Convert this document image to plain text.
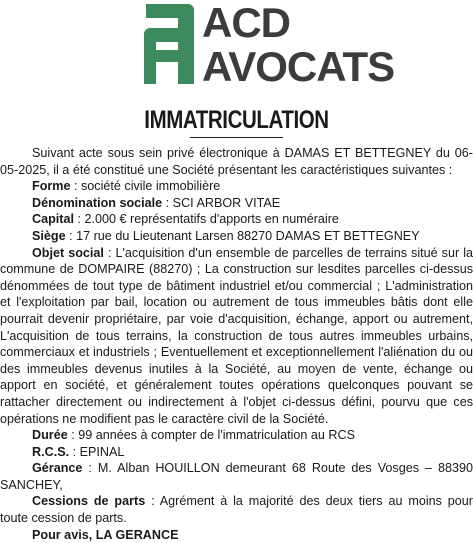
ACD
AVOCATS
IMMATRICULATION

Suivant acte sous sein privé électronique à DAMAS ET BETTEGNEY du 06-05-2025, il a été constitué une Société présentant les caractéristiques suivantes :

Forme : société civile immobilière

Dénomination sociale : SCI ARBOR VITAE

Capital : 2.000 € représentatifs d'apports en numéraire

Siège : 17 rue du Lieutenant Larsen 88270 DAMAS ET BETTEGNEY

Objet social : L'acquisition d'un ensemble de parcelles de terrains situé sur la commune de DOMPAIRE (88270) ; La construction sur lesdites parcelles ci-dessus dénommées de tout type de bâtiment industriel et/ou commercial ; L'administration et l'exploitation par bail, location ou autrement de tous immeubles bâtis dont elle pourrait devenir propriétaire, par voie d'acquisition, échange, apport ou autrement, L'acquisition de tous terrains, la construction de tous autres immeubles urbains, commerciaux et industriels ; Eventuellement et exceptionnellement l'aliénation du ou des immeubles devenus inutiles à la Société, au moyen de vente, échange ou apport en société, et généralement toutes opérations quelconques pouvant se rattacher directement ou indirectement à l'objet ci-dessus défini, pourvu que ces opérations ne modifient pas le caractère civil de la Société.

Durée : 99 années à compter de l'immatriculation au RCS

R.C.S. : EPINAL

Gérance : M. Alban HOUILLON demeurant 68 Route des Vosges – 88390 SANCHEY,

Cessions de parts : Agrément à la majorité des deux tiers au moins pour toute cession de parts.

Pour avis, LA GERANCE
